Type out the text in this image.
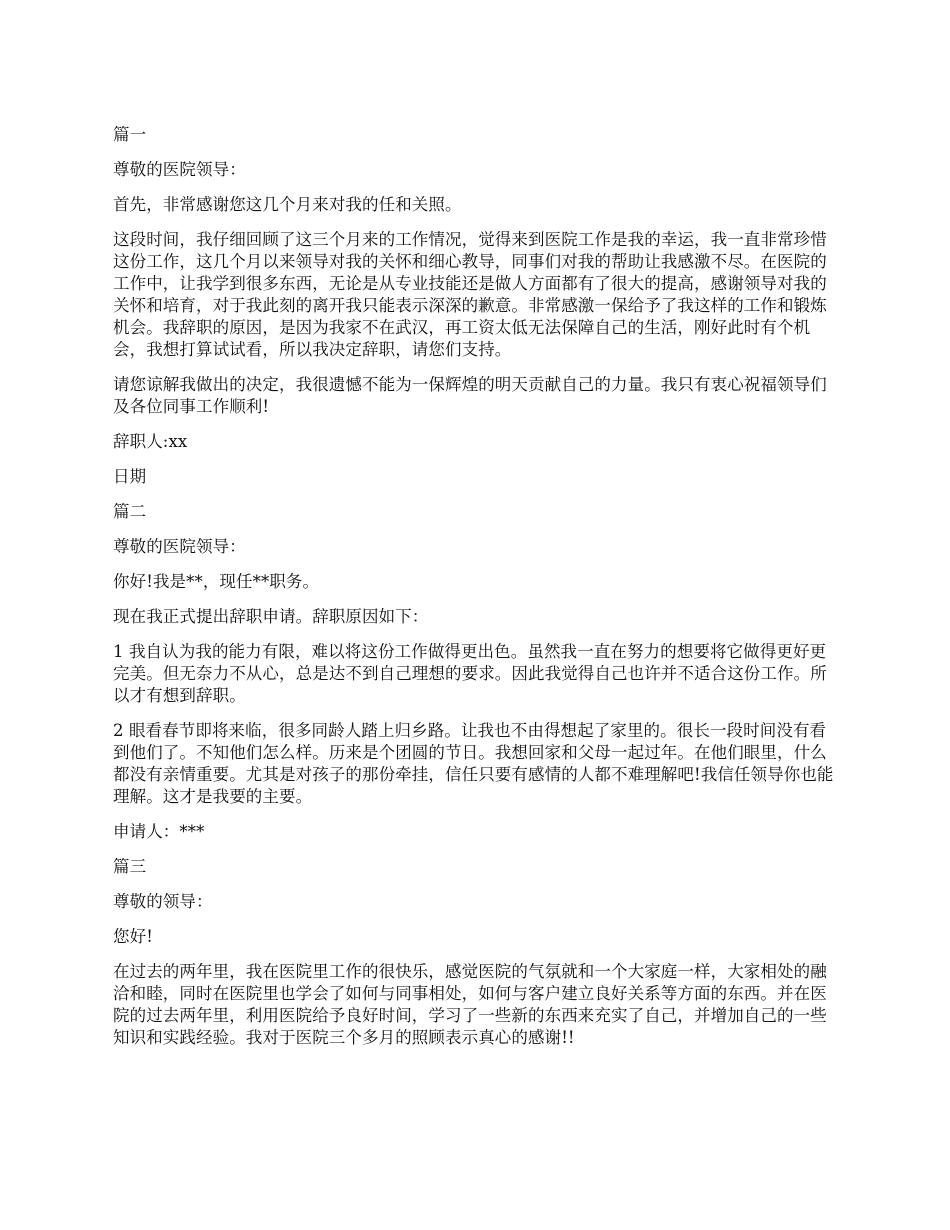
篇一

尊敬的医院领导：

首先，非常感谢您这几个月来对我的任和关照。

这段时间，我仔细回顾了这三个月来的工作情况，觉得来到医院工作是我的幸运，我一直非常珍惜这份工作，这几个月以来领导对我的关怀和细心教导，同事们对我的帮助让我感激不尽。在医院的工作中，让我学到很多东西，无论是从专业技能还是做人方面都有了很大的提高，感谢领导对我的关怀和培育，对于我此刻的离开我只能表示深深的歉意。非常感激一保给予了我这样的工作和锻炼机会。我辞职的原因，是因为我家不在武汉，再工资太低无法保障自己的生活，刚好此时有个机会，我想打算试试看，所以我决定辞职，请您们支持。

请您谅解我做出的决定，我很遗憾不能为一保辉煌的明天贡献自己的力量。我只有衷心祝福领导们及各位同事工作顺利!

辞职人:xx

日期

篇二

尊敬的医院领导：

你好!我是**，现任**职务。

现在我正式提出辞职申请。辞职原因如下：

1 我自认为我的能力有限，难以将这份工作做得更出色。虽然我一直在努力的想要将它做得更好更完美。但无奈力不从心，总是达不到自己理想的要求。因此我觉得自己也许并不适合这份工作。所以才有想到辞职。

2 眼看春节即将来临，很多同龄人踏上归乡路。让我也不由得想起了家里的。很长一段时间没有看到他们了。不知他们怎么样。历来是个团圆的节日。我想回家和父母一起过年。在他们眼里，什么都没有亲情重要。尤其是对孩子的那份牵挂，信任只要有感情的人都不难理解吧!我信任领导你也能理解。这才是我要的主要。

申请人：***

篇三

尊敬的领导：

您好!

在过去的两年里，我在医院里工作的很快乐，感觉医院的气氛就和一个大家庭一样，大家相处的融洽和睦，同时在医院里也学会了如何与同事相处，如何与客户建立良好关系等方面的东西。并在医院的过去两年里，利用医院给予良好时间，学习了一些新的东西来充实了自己，并增加自己的一些知识和实践经验。我对于医院三个多月的照顾表示真心的感谢!!
